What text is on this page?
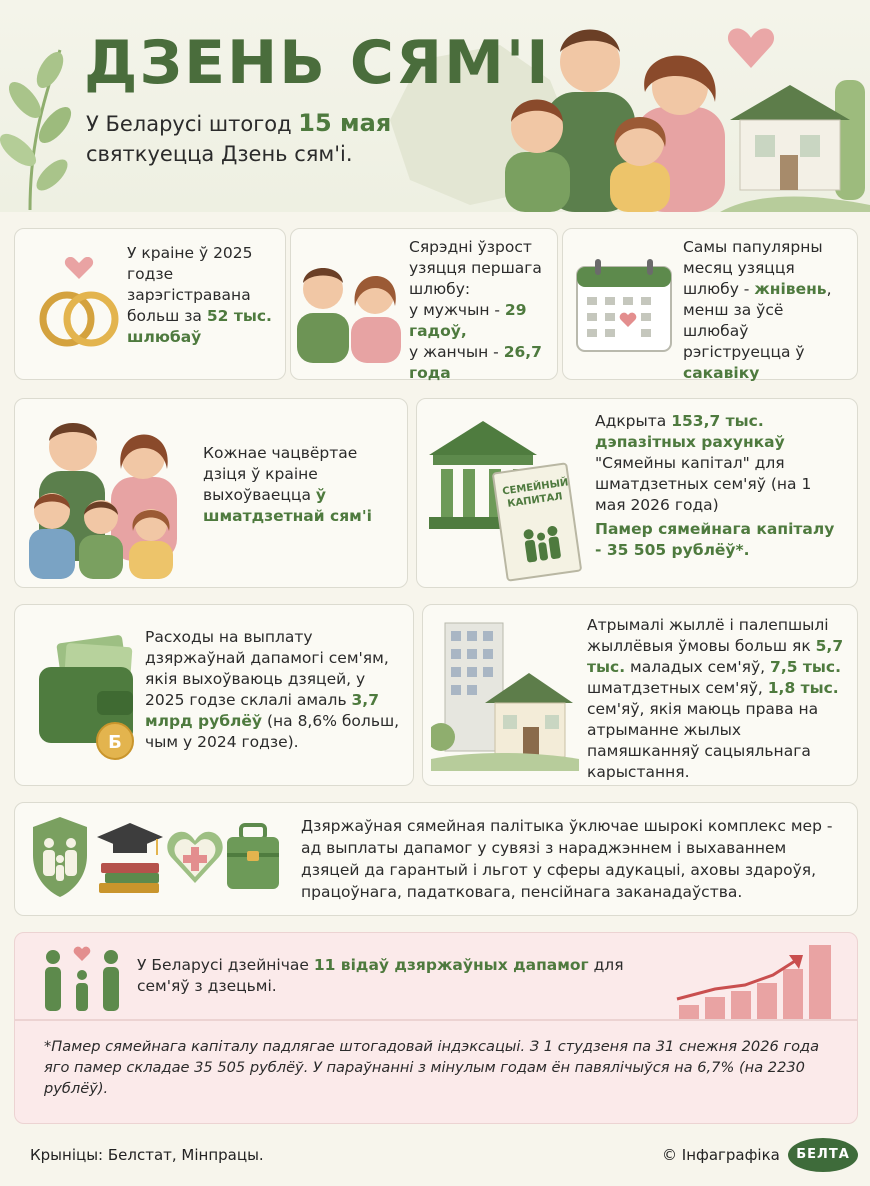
ДЗЕНЬ СЯМ'І
У Беларусі штогод 15 мая
святкуецца Дзень сям'і.
У краіне ў 2025 годзе зарэгістравана больш за 52 тыс. шлюбаў
Сярэдні ўзрост узяцця першага шлюбу:
у мужчын - 29 гадоў,
у жанчын - 26,7 года
Самы папулярны месяц узяцця шлюбу - жнівень, менш за ўсё шлюбаў рэгіструецца ў сакавіку
Кожнае чацвёртае дзіця ў краіне выхоўваецца ў шматдзетнай сям'і
СЕМЕЙНЫЙ КАПИТАЛ
Адкрыта 153,7 тыс. дэпазітных рахункаў "Сямейны капітал" для шматдзетных сем'яў (на 1 мая 2026 года)
Памер сямейнага капіталу - 35 505 рублёў*.
Б
Расходы на выплату дзяржаўнай дапамогі сем'ям, якія выхоўваюць дзяцей, у 2025 годзе склалі амаль 3,7 млрд рублёў (на 8,6% больш, чым у 2024 годзе).
Атрымалі жыллё і палепшылі жыллёвыя ўмовы больш як 5,7 тыс. маладых сем'яў, 7,5 тыс. шматдзетных сем'яў, 1,8 тыс. сем'яў, якія маюць права на атрыманне жылых памяшканняў сацыяльнага карыстання.
Дзяржаўная сямейная палітыка ўключае шырокі комплекс мер - ад выплаты дапамог у сувязі з нараджэннем і выхаваннем дзяцей да гарантый і льгот у сферы адукацыі, аховы здароўя, працоўнага, падатковага, пенсійнага заканадаўства.
У Беларусі дзейнічае 11 відаў дзяржаўных дапамог для сем'яў з дзецьмі.
*Памер сямейнага капіталу падлягае штогадовай індэксацыі. З 1 студзеня па 31 снежня 2026 года яго памер складае 35 505 рублёў. У параўнанні з мінулым годам ён павялічыўся на 6,7% (на 2230 рублёў).
Крыніцы: Белстат, Мінпрацы.	© Інфаграфіка	БЕЛТА
